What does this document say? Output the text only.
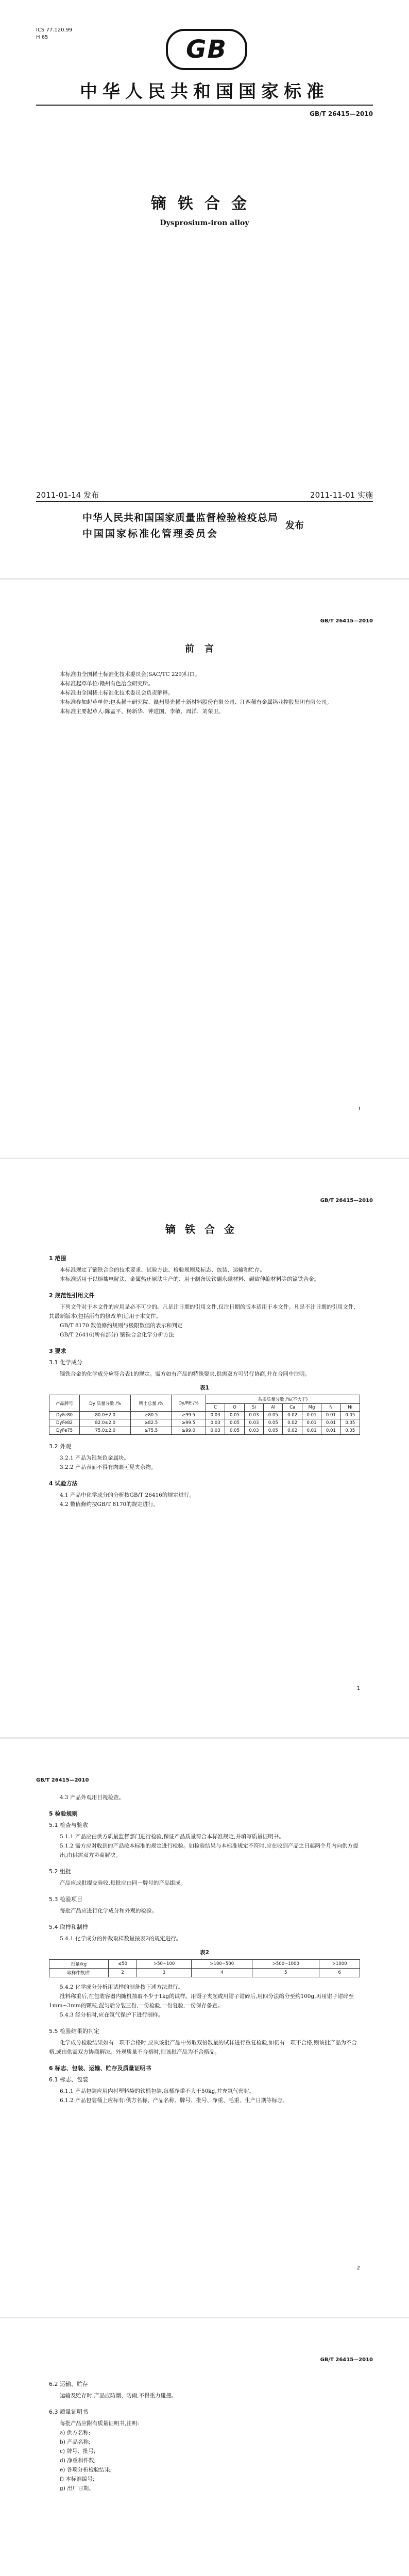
ICS 77.120.99
H 65	GB
中华人民共和国国家标准
GB/T 26415—2010
镝铁合金
Dysprosium-iron alloy
2011-01-14 发布	2011-11-01 实施
中华人民共和国国家质量监督检验检疫总局
中国国家标准化管理委员会
发布
GB/T 26415—2010
前言

本标准由全国稀土标准化技术委员会(SAC/TC 229)归口。

本标准起草单位:赣州有色冶金研究所。

本标准由全国稀土标准化技术委员会负责解释。

本标准参加起草单位:包头稀土研究院、赣州晨光稀土新材料股份有限公司、江西稀有金属钨业控股集团有限公司。

本标准主要起草人:陈孟平、杨新华、钟道国、李敏、周洋、刘荣卫。

I
GB/T 26415—2010
镝铁合金
1 范围

本标准规定了镝铁合金的技术要求、试验方法、检验规则及标志、包装、运输和贮存。

本标准适用于以熔盐电解法、金属热还原法生产的、用于制备钕铁硼永磁材料、磁致伸缩材料等的镝铁合金。

2 规范性引用文件

下列文件对于本文件的应用是必不可少的。凡是注日期的引用文件,仅注日期的版本适用于本文件。凡是不注日期的引用文件,其最新版本(包括所有的修改单)适用于本文件。

GB/T 8170 数值修约规则与极限数值的表示和判定

GB/T 26416(所有部分) 镝铁合金化学分析方法

3 要求
3.1 化学成分

镝铁合金的化学成分应符合表1的规定。需方如有产品的特殊要求,供需双方可另行协商,并在合同中注明。

表1
产品牌号	Dy 质量分数 /%	稀土总量 /%	Dy/RE /%	杂质质量分数 /%(不大于)							
				C	O	Si	Al	Ca	Mg	N	Ni
DyFe80	80.0±2.0	≥80.5	≥99.5	0.03	0.05	0.03	0.05	0.02	0.01	0.01	0.05
DyFe82	82.0±2.0	≥82.5	≥99.5	0.03	0.05	0.03	0.05	0.02	0.01	0.01	0.05
DyFe75	75.0±2.0	≥75.5	≥99.0	0.03	0.05	0.03	0.05	0.02	0.01	0.01	0.05
3.2 外观

3.2.1 产品为银灰色金属块。

3.2.2 产品表面不得有肉眼可见夹杂物。

4 试验方法

4.1 产品中化学成分的分析按GB/T 26416的规定进行。

4.2 数值修约按GB/T 8170的规定进行。

1
GB/T 26415—2010

4.3 产品外观用目视检查。

5 检验规则
5.1 检查与验收

5.1.1 产品应由供方质量监督部门进行检验,保证产品质量符合本标准规定,并填写质量证明书。

5.1.2 需方应对收到的产品按本标准的规定进行检验。如检验结果与本标准规定不符时,应在收到产品之日起两个月内向供方提出,由供需双方协商解决。

5.2 组批

产品应成批提交验收,每批应由同一牌号的产品组成。

5.3 检验项目

每批产品应进行化学成分和外观的检验。

5.4 取样和制样

5.4.1 化学成分的仲裁取样数量按表2的规定进行。

表2
批量/kg	≤50	>50~100	>100~500	>500~1000	>1000
取样件数/件	2	3	4	5	6

5.4.2 化学成分分析用试样的制备按下述方法进行。

批料称重后,在包装容器内随机抽取不少于1kg的试样。用镊子夹起或用钳子钳碎后,用四分法缩分至约100g,再用钳子钳碎至1mm~3mm的颗粒,混匀后分装三份,一份检验,一份复验,一份保存备查。

5.4.3 经分析时,应在氩气保护下进行制样。

5.5 检验结果的判定

化学成分检验结果如有一项不合格时,应从该批产品中另取双倍数量的试样进行重复检验,如仍有一项不合格,则该批产品为不合格,或由供需双方协商解决。外观质量不合格时,则该批产品为不合格品。

6 标志、包装、运输、贮存及质量证明书
6.1 标志、包装

6.1.1 产品包装应用内衬塑料袋的铁桶包装,每桶净重不大于50kg,并充氩气密封。

6.1.2 产品包装桶上应标有:供方名称、产品名称、牌号、批号、净重、毛重、生产日期等标志。

2
GB/T 26415—2010
6.2 运输、贮存

运输及贮存时,产品应防潮、防雨,不得重力碰撞。

6.3 质量证明书

每批产品应附有质量证明书,注明:

a) 供方名称;

b) 产品名称;

c) 牌号、批号;

d) 净重和件数;

e) 各项分析检验结果;

f) 本标准编号;

g) 出厂日期。
